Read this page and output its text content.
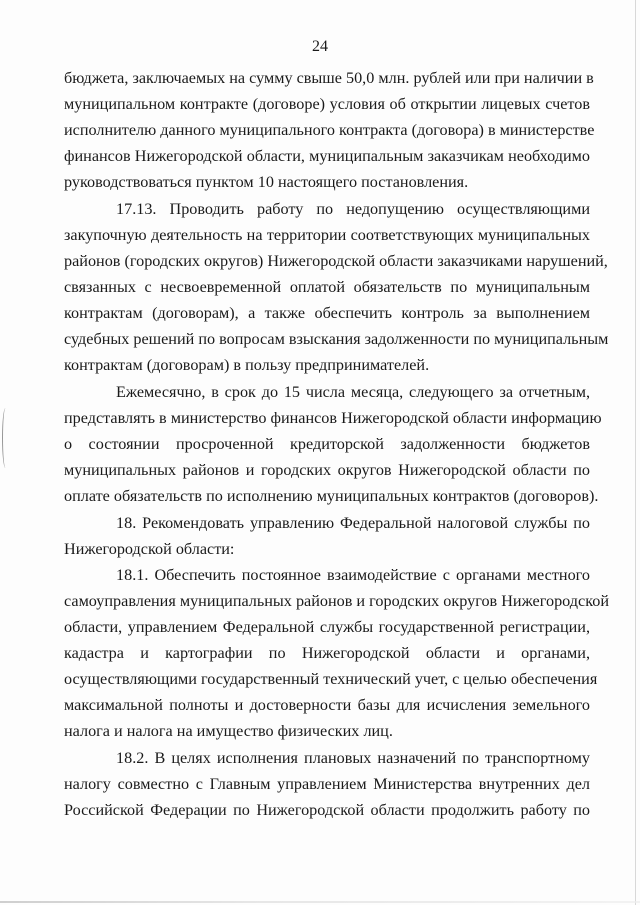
24
бюджета, заключаемых на сумму свыше 50,0 млн. рублей или при наличии в
муниципальном контракте (договоре) условия об открытии лицевых счетов
исполнителю данного муниципального контракта (договора) в министерстве
финансов Нижегородской области, муниципальным заказчикам необходимо
руководствоваться пунктом 10 настоящего постановления.
17.13. Проводить работу по недопущению осуществляющими
закупочную деятельность на территории соответствующих муниципальных
районов (городских округов) Нижегородской области заказчиками нарушений,
связанных с несвоевременной оплатой обязательств по муниципальным
контрактам (договорам), а также обеспечить контроль за выполнением
судебных решений по вопросам взыскания задолженности по муниципальным
контрактам (договорам) в пользу предпринимателей.
Ежемесячно, в срок до 15 числа месяца, следующего за отчетным,
представлять в министерство финансов Нижегородской области информацию
о состоянии просроченной кредиторской задолженности бюджетов
муниципальных районов и городских округов Нижегородской области по
оплате обязательств по исполнению муниципальных контрактов (договоров).
18. Рекомендовать управлению Федеральной налоговой службы по
Нижегородской области:
18.1. Обеспечить постоянное взаимодействие с органами местного
самоуправления муниципальных районов и городских округов Нижегородской
области, управлением Федеральной службы государственной регистрации,
кадастра и картографии по Нижегородской области и органами,
осуществляющими государственный технический учет, с целью обеспечения
максимальной полноты и достоверности базы для исчисления земельного
налога и налога на имущество физических лиц.
18.2. В целях исполнения плановых назначений по транспортному
налогу совместно с Главным управлением Министерства внутренних дел
Российской Федерации по Нижегородской области продолжить работу по
